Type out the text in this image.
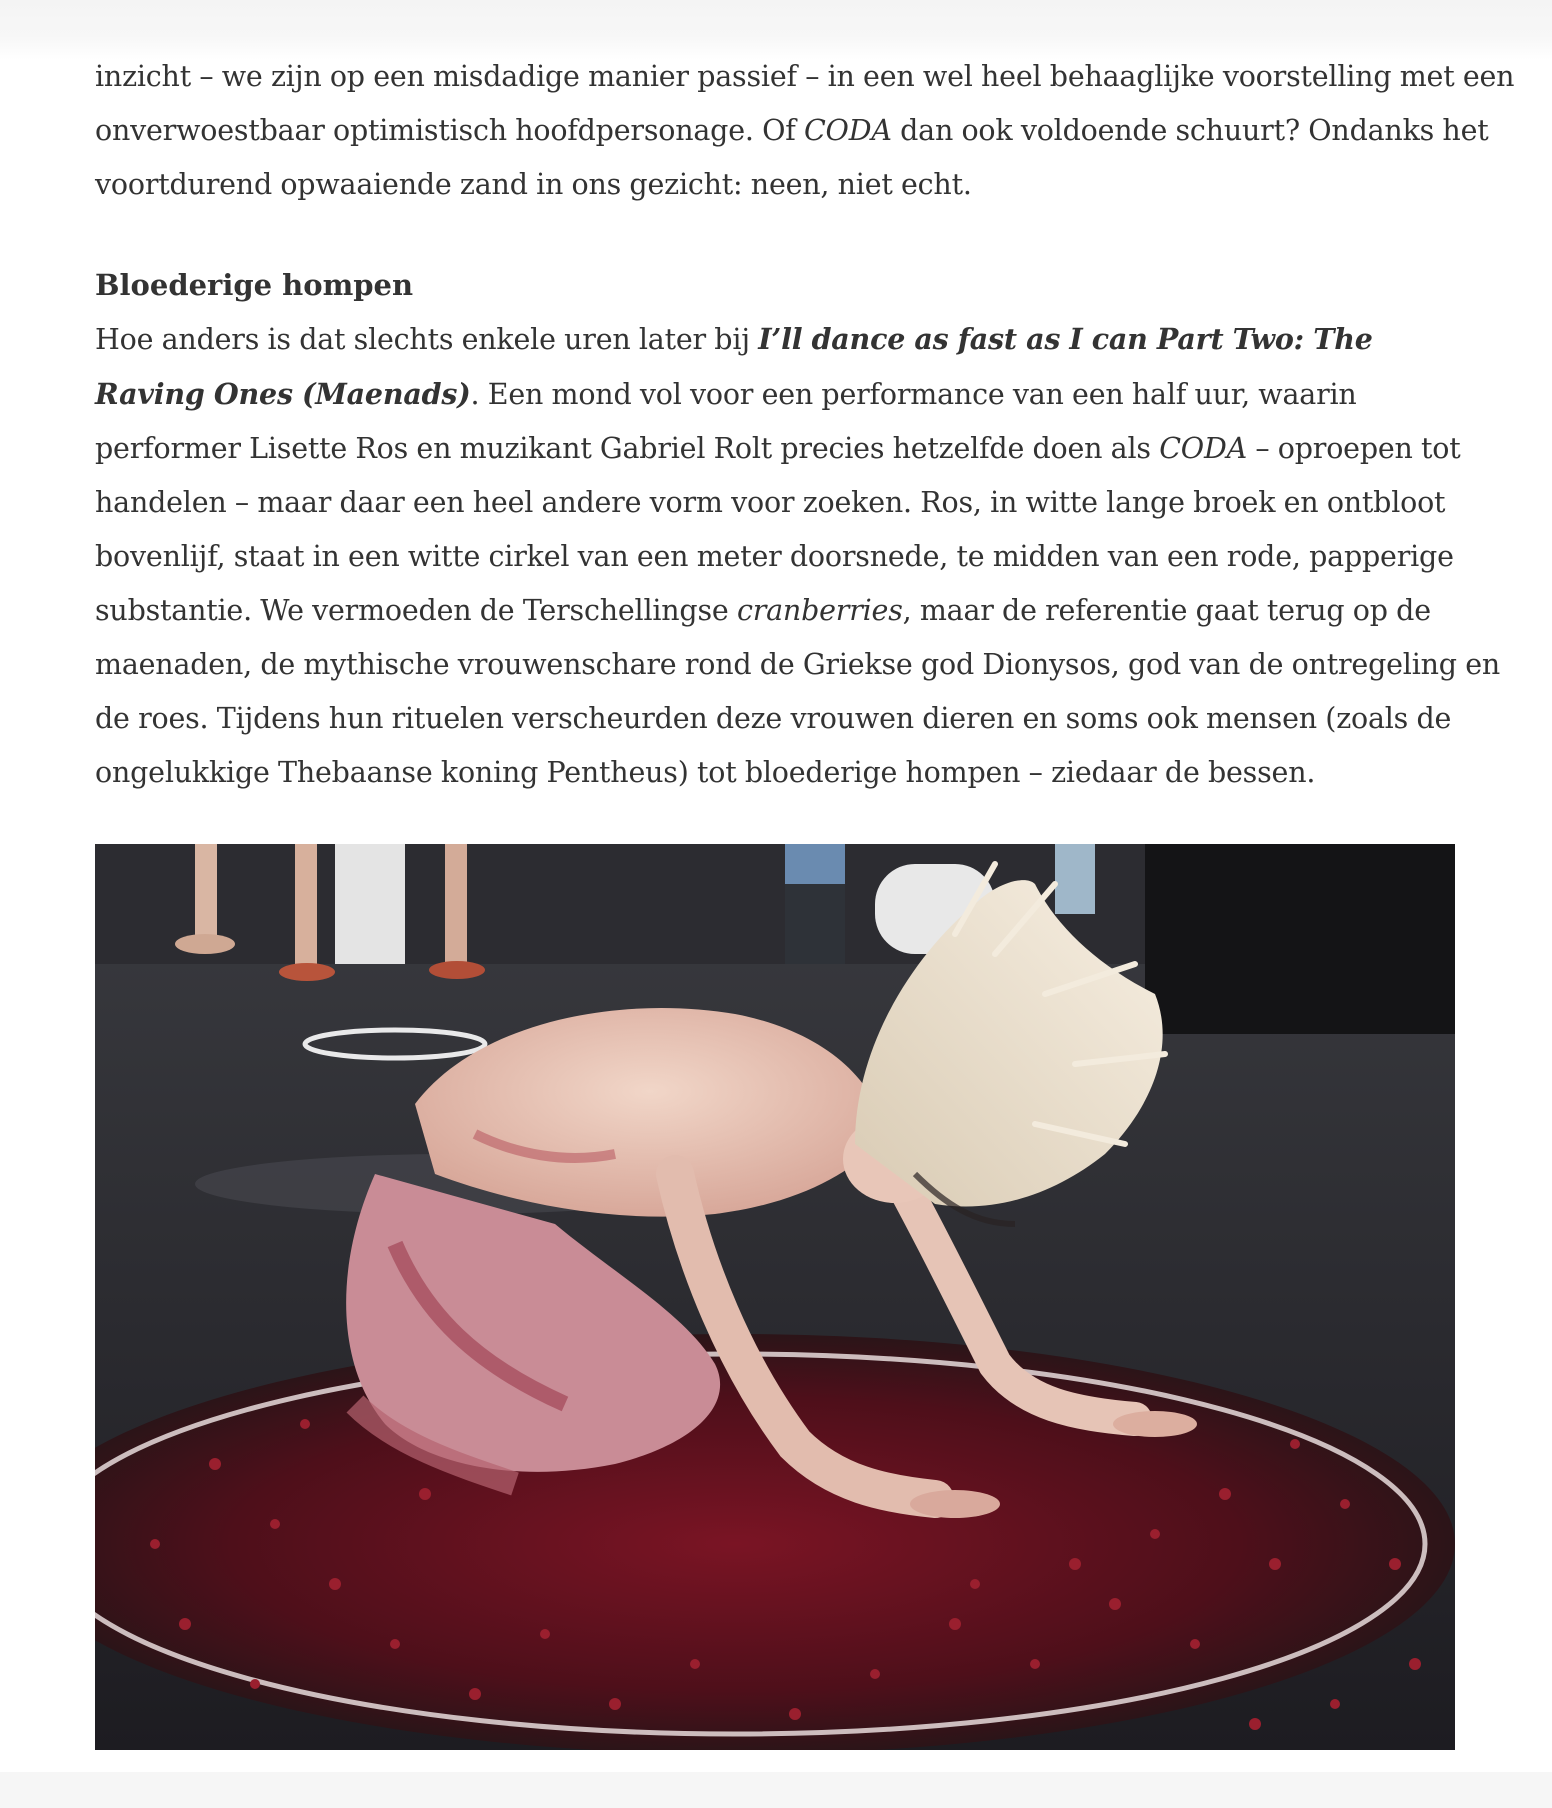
inzicht – we zijn op een misdadige manier passief – in een wel heel behaaglijke voorstelling met een
onverwoestbaar optimistisch hoofdpersonage. Of CODA dan ook voldoende schuurt? Ondanks het
voortdurend opwaaiende zand in ons gezicht: neen, niet echt.

Bloederige hompen

Hoe anders is dat slechts enkele uren later bij I’ll dance as fast as I can Part Two: The
Raving Ones (Maenads). Een mond vol voor een performance van een half uur, waarin
performer Lisette Ros en muzikant Gabriel Rolt precies hetzelfde doen als CODA – oproepen tot
handelen – maar daar een heel andere vorm voor zoeken. Ros, in witte lange broek en ontbloot
bovenlijf, staat in een witte cirkel van een meter doorsnede, te midden van een rode, papperige
substantie. We vermoeden de Terschellingse cranberries, maar de referentie gaat terug op de
maenaden, de mythische vrouwenschare rond de Griekse god Dionysos, god van de ontregeling en
de roes. Tijdens hun rituelen verscheurden deze vrouwen dieren en soms ook mensen (zoals de
ongelukkige Thebaanse koning Pentheus) tot bloederige hompen – ziedaar de bessen.
